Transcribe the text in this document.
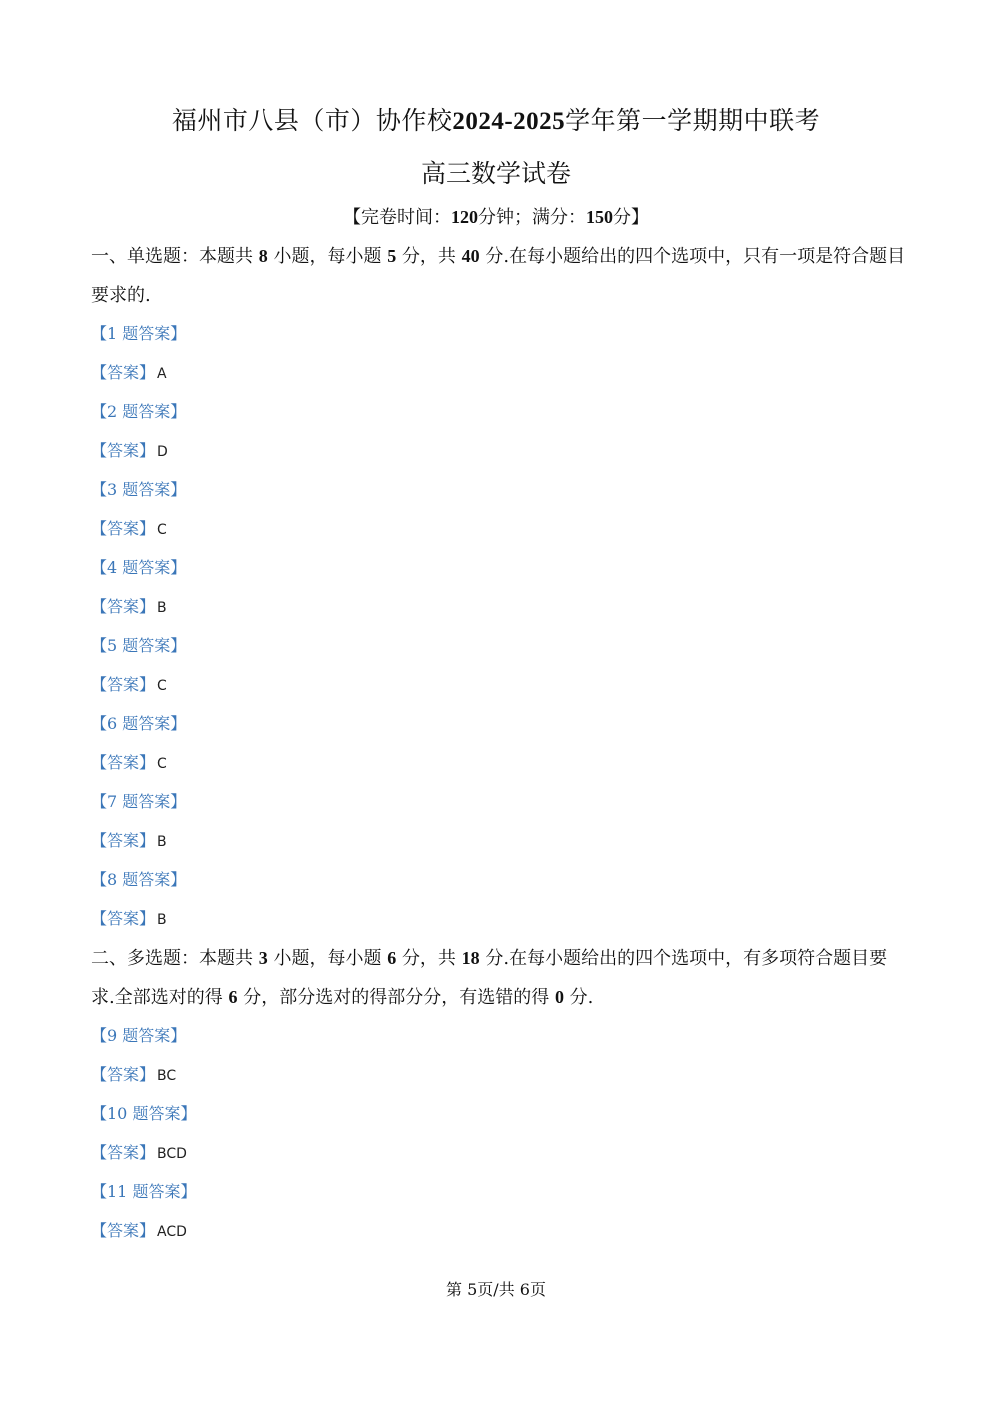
福州市八县（市）协作校2024-2025学年第一学期期中联考
高三数学试卷
【完卷时间：120分钟；满分：150分】
一、单选题：本题共 8 小题，每小题 5 分，共 40 分.在每小题给出的四个选项中，只有一项是符合题目要求的.
【1 题答案】
【答案】 A
【2 题答案】
【答案】 D
【3 题答案】
【答案】 C
【4 题答案】
【答案】 B
【5 题答案】
【答案】 C
【6 题答案】
【答案】 C
【7 题答案】
【答案】 B
【8 题答案】
【答案】 B
二、多选题：本题共 3 小题，每小题 6 分，共 18 分.在每小题给出的四个选项中，有多项符合题目要求.全部选对的得 6 分，部分选对的得部分分，有选错的得 0 分.
【9 题答案】
【答案】 BC
【10 题答案】
【答案】 BCD
【11 题答案】
【答案】 ACD
第 5页/共 6页
